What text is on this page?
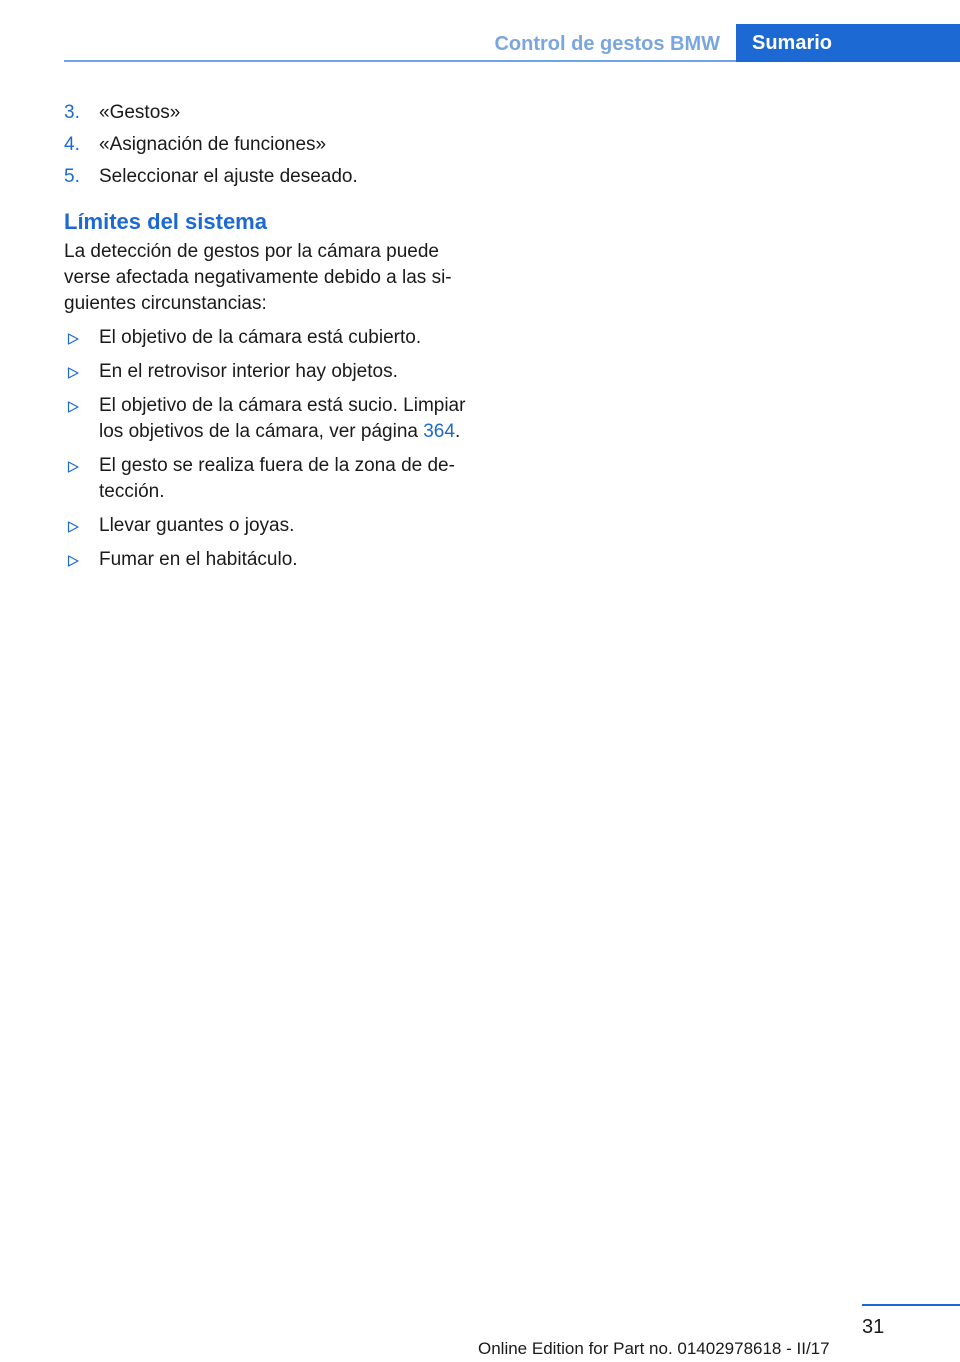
Control de gestos BMW	Sumario
3. «Gestos»
4. «Asignación de funciones»
5. Seleccionar el ajuste deseado.
Límites del sistema

La detección de gestos por la cámara puede verse afectada negativamente debido a las si‐ guientes circunstancias:

El objetivo de la cámara está cubierto.
En el retrovisor interior hay objetos.
El objetivo de la cámara está sucio. Limpiar los objetivos de la cámara, ver página 364.
El gesto se realiza fuera de la zona de de‐ tección.
Llevar guantes o joyas.
Fumar en el habitáculo.
31
Online Edition for Part no. 01402978618 - II/17
